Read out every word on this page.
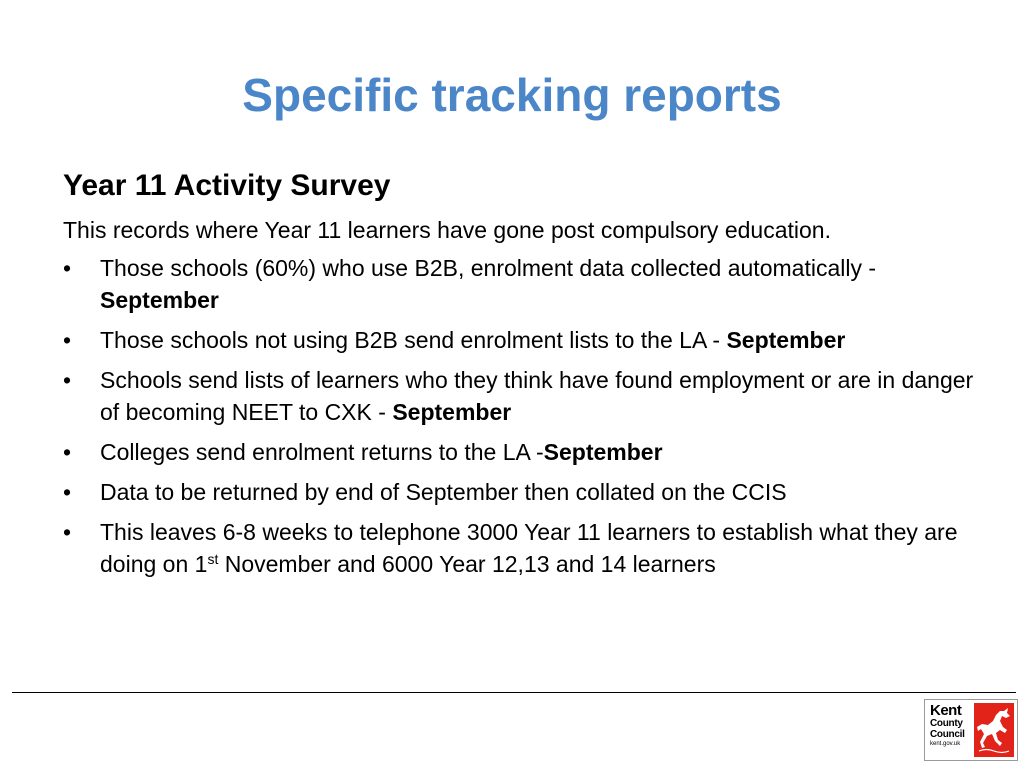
Specific tracking reports
Year 11 Activity Survey
This records where Year 11 learners have gone post compulsory education.
• Those schools (60%) who use B2B, enrolment data collected automatically - September
• Those schools not using B2B send enrolment lists to the LA - September
• Schools send lists of learners who they think have found employment or are in danger of becoming NEET to CXK - September
• Colleges send enrolment returns to the LA -September
• Data to be returned by end of September then collated on the CCIS
• This leaves 6-8 weeks to telephone 3000 Year 11 learners to establish what they are doing on 1st November and 6000 Year 12,13 and 14 learners
Kent
County
Council
kent.gov.uk
